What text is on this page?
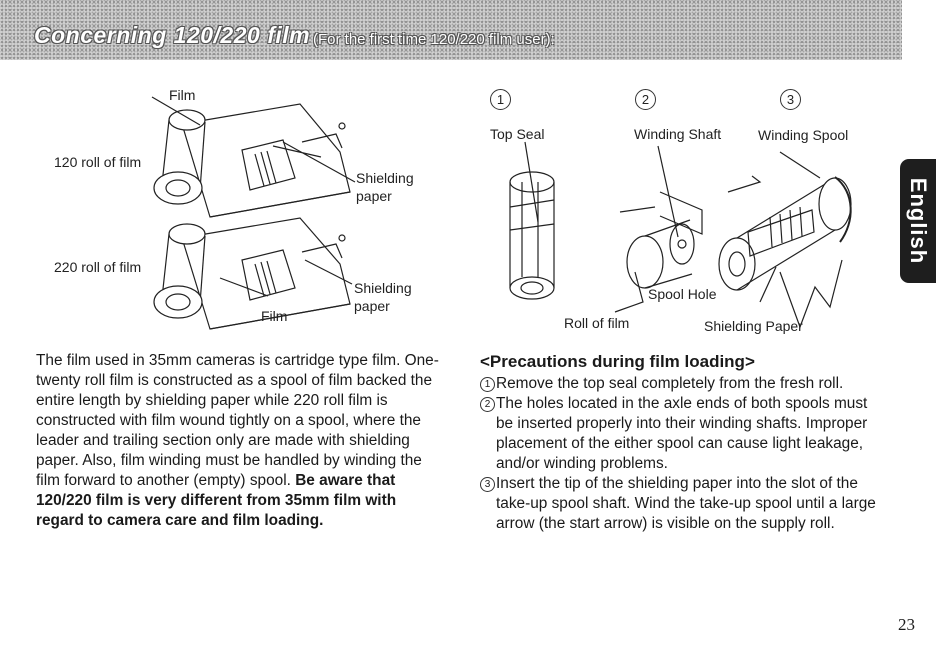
Concerning 120/220 film (For the first time 120/220 film user):
English
Film
120 roll of film
Shielding
paper
220 roll of film
Shielding
paper
Film
1	2	3
Top Seal	Winding Shaft	Winding Spool
Spool Hole
Roll of film	Shielding Paper
The film used in 35mm cameras is cartridge type film. One-twenty roll film is constructed as a spool of film backed the entire length by shielding paper while 220 roll film is constructed with film wound tightly on a spool, where the leader and trailing section only are made with shielding paper. Also, film winding must be handled by winding the film forward to another (empty) spool. Be aware that 120/220 film is very different from 35mm film with regard to camera care and film loading.
<Precautions during film loading>
1 Remove the top seal completely from the fresh roll.
2 The holes located in the axle ends of both spools must be inserted properly into their winding shafts. Improper placement of the either spool can cause light leakage, and/or winding problems.
3 Insert the tip of the shielding paper into the slot of the take-up spool shaft. Wind the take-up spool until a large arrow (the start arrow) is visible on the supply roll.
23
